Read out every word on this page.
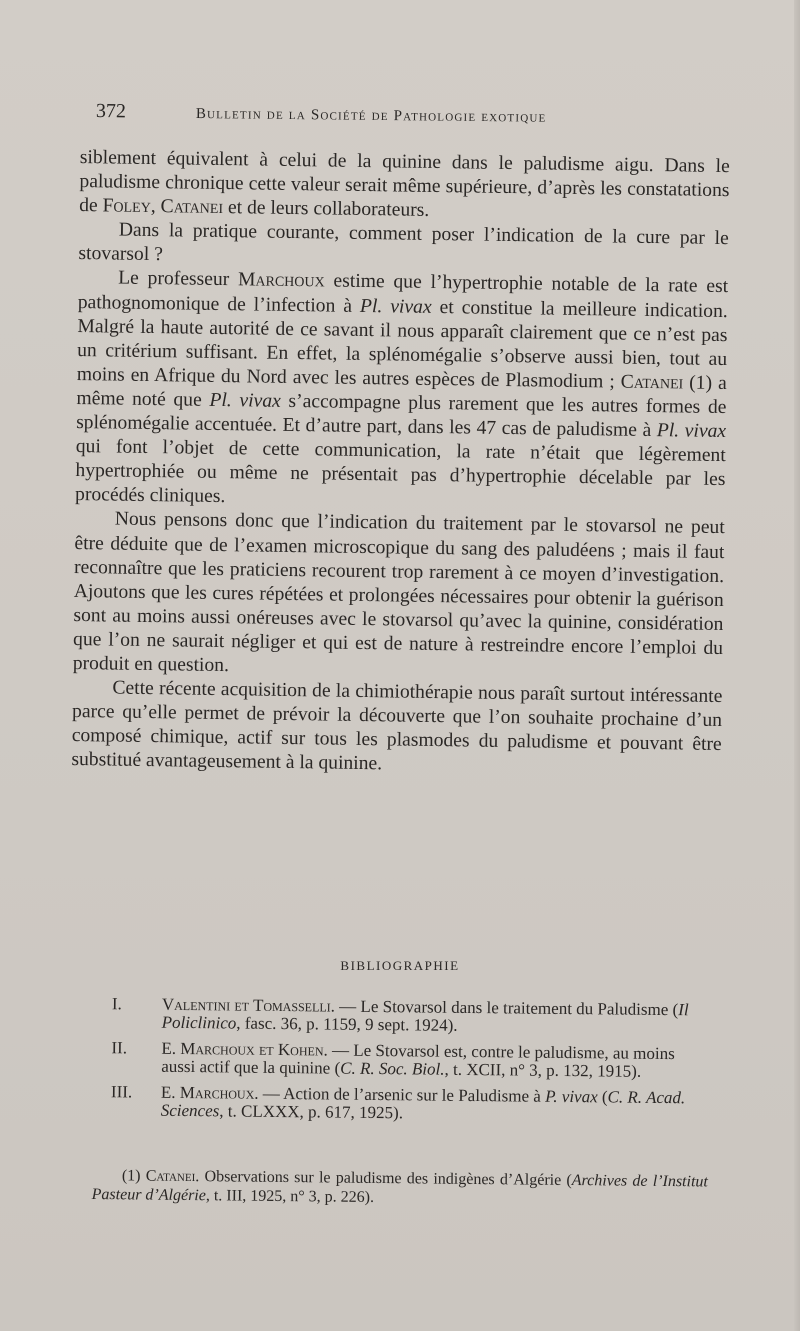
372	Bulletin de la Société de Pathologie exotique

siblement équivalent à celui de la quinine dans le paludisme aigu. Dans le paludisme chronique cette valeur serait même supérieure, d’après les constatations de Foley, Catanei et de leurs collaborateurs.

Dans la pratique courante, comment poser l’indication de la cure par le stovarsol ?

Le professeur Marchoux estime que l’hypertrophie notable de la rate est pathognomonique de l’infection à Pl. vivax et constitue la meilleure indication. Malgré la haute autorité de ce savant il nous apparaît clairement que ce n’est pas un critérium suffisant. En effet, la splénomégalie s’observe aussi bien, tout au moins en Afrique du Nord avec les autres espèces de Plasmodium ; Catanei (1) a même noté que Pl. vivax s’accompagne plus rarement que les autres formes de splénomégalie accentuée. Et d’autre part, dans les 47 cas de paludisme à Pl. vivax qui font l’objet de cette communication, la rate n’était que légèrement hypertrophiée ou même ne présentait pas d’hypertrophie décelable par les procédés cliniques.

Nous pensons donc que l’indication du traitement par le stovarsol ne peut être déduite que de l’examen microscopique du sang des paludéens ; mais il faut reconnaître que les praticiens recourent trop rarement à ce moyen d’investigation. Ajoutons que les cures répétées et prolongées nécessaires pour obtenir la guérison sont au moins aussi onéreuses avec le stovarsol qu’avec la quinine, considération que l’on ne saurait négliger et qui est de nature à restreindre encore l’emploi du produit en question.

Cette récente acquisition de la chimiothérapie nous paraît surtout intéressante parce qu’elle permet de prévoir la découverte que l’on souhaite prochaine d’un composé chimique, actif sur tous les plasmodes du paludisme et pouvant être substitué avantageusement à la quinine.

BIBLIOGRAPHIE
I. Valentini et Tomasselli. — Le Stovarsol dans le traitement du Paludisme (Il Policlinico, fasc. 36, p. 1159, 9 sept. 1924).
II. E. Marchoux et Kohen. — Le Stovarsol est, contre le paludisme, au moins aussi actif que la quinine (C. R. Soc. Biol., t. XCII, n° 3, p. 132, 1915).
III. E. Marchoux. — Action de l’arsenic sur le Paludisme à P. vivax (C. R. Acad. Sciences, t. CLXXX, p. 617, 1925).
(1) Catanei. Observations sur le paludisme des indigènes d’Algérie (Archives de l’Institut Pasteur d’Algérie, t. III, 1925, n° 3, p. 226).
